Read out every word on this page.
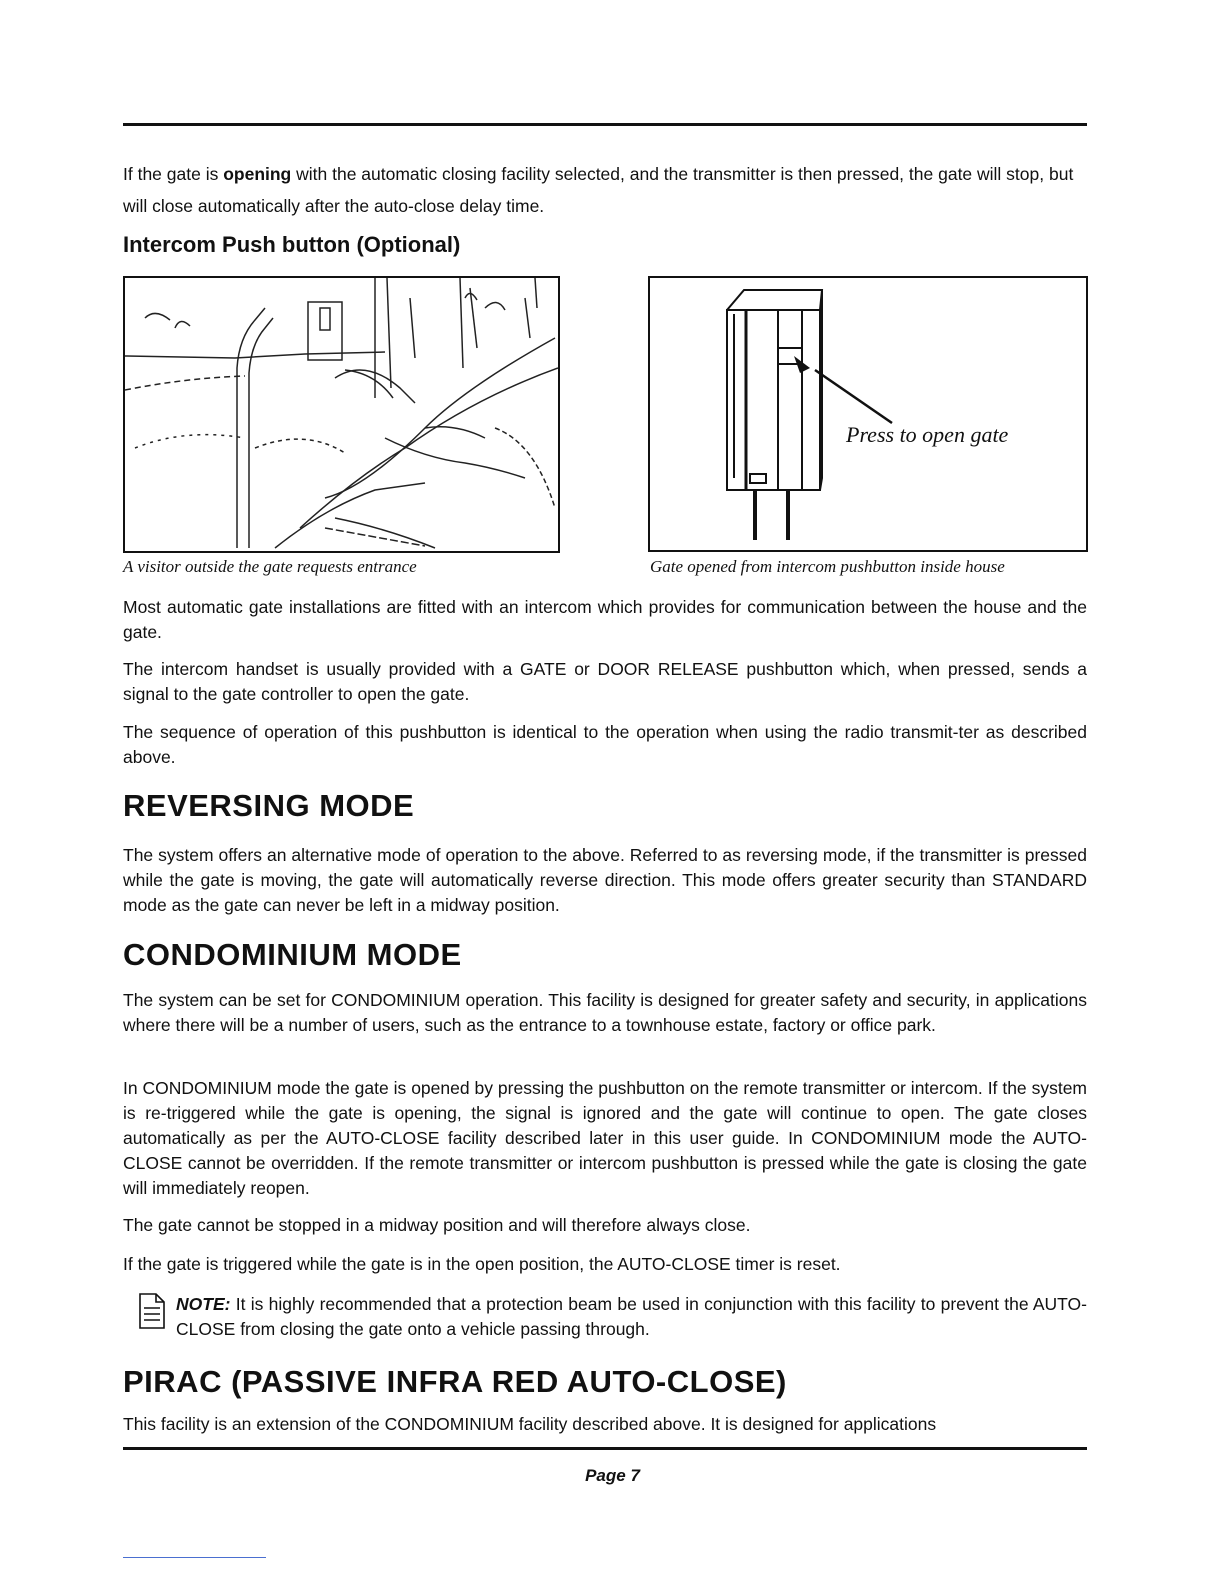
If the gate is opening with the automatic closing facility selected, and the transmitter is then pressed, the gate will stop, but will close automatically after the auto-close delay time.

Intercom Push button (Optional)
A visitor outside the gate requests entrance
Press to open gate
Gate opened from intercom pushbutton inside house

Most automatic gate installations are fitted with an intercom which provides for communication between the house and the gate.

The intercom handset is usually provided with a GATE or DOOR RELEASE pushbutton which, when pressed, sends a signal to the gate controller to open the gate.

The sequence of operation of this pushbutton is identical to the operation when using the radio transmit-ter as described above.

REVERSING MODE

The system offers an alternative mode of operation to the above. Referred to as reversing mode, if the transmitter is pressed while the gate is moving, the gate will automatically reverse direction. This mode offers greater security than STANDARD mode as the gate can never be left in a midway position.

CONDOMINIUM MODE

The system can be set for CONDOMINIUM operation. This facility is designed for greater safety and security, in applications where there will be a number of users, such as the entrance to a townhouse estate, factory or office park.

In CONDOMINIUM mode the gate is opened by pressing the pushbutton on the remote transmitter or intercom. If the system is re-triggered while the gate is opening, the signal is ignored and the gate will continue to open. The gate closes automatically as per the AUTO-CLOSE facility described later in this user guide. In CONDOMINIUM mode the AUTO-CLOSE cannot be overridden. If the remote transmitter or intercom pushbutton is pressed while the gate is closing the gate will immediately reopen.

The gate cannot be stopped in a midway position and will therefore always close.

If the gate is triggered while the gate is in the open position, the AUTO-CLOSE timer is reset.

NOTE: It is highly recommended that a protection beam be used in conjunction with this facility to prevent the AUTO-CLOSE from closing the gate onto a vehicle passing through.

PIRAC (PASSIVE INFRA RED AUTO-CLOSE)

This facility is an extension of the CONDOMINIUM facility described above. It is designed for applications

Page 7
